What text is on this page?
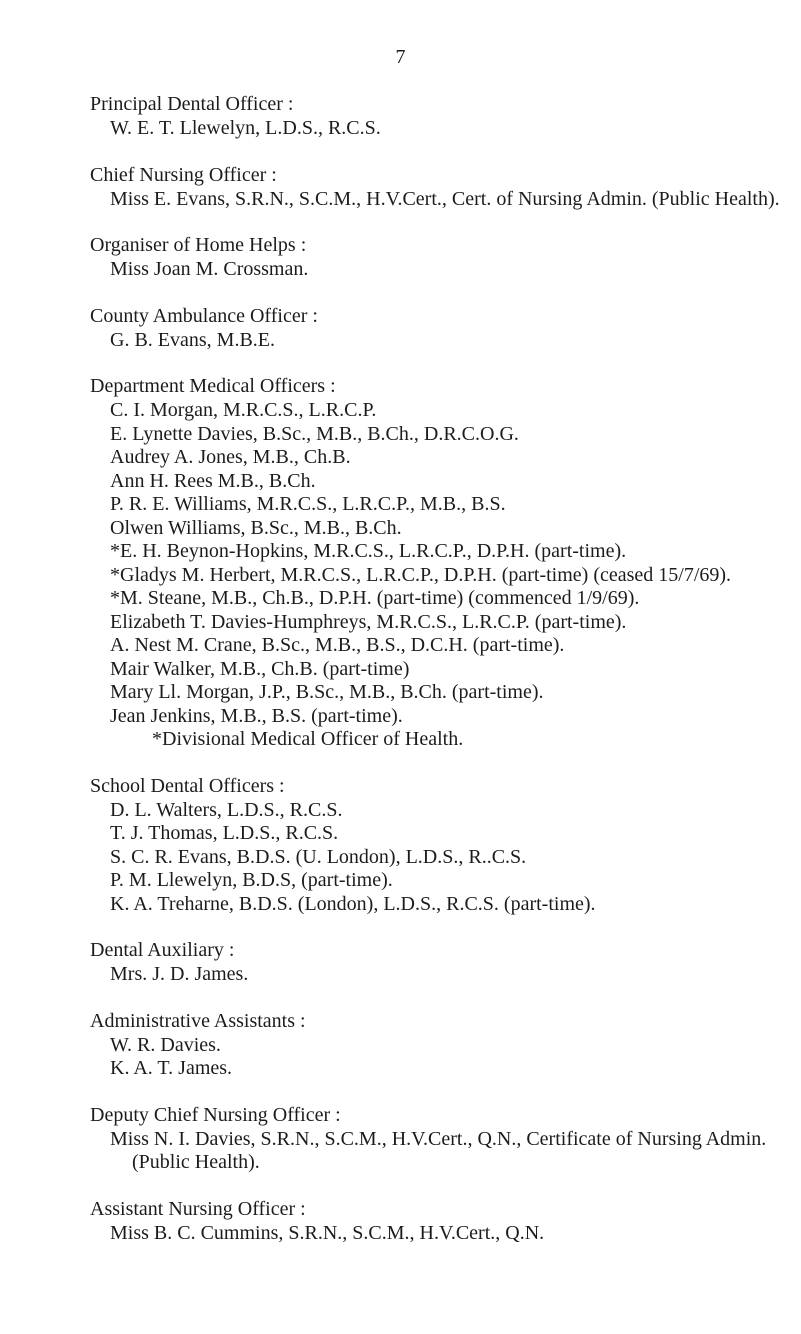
7

Principal Dental Officer :

W. E. T. Llewelyn, L.D.S., R.C.S.

Chief Nursing Officer :

Miss E. Evans, S.R.N., S.C.M., H.V.Cert., Cert. of Nursing Admin. (Public Health).

Organiser of Home Helps :

Miss Joan M. Crossman.

County Ambulance Officer :

G. B. Evans, M.B.E.

Department Medical Officers :

C. I. Morgan, M.R.C.S., L.R.C.P.

E. Lynette Davies, B.Sc., M.B., B.Ch., D.R.C.O.G.

Audrey A. Jones, M.B., Ch.B.

Ann H. Rees M.B., B.Ch.

P. R. E. Williams, M.R.C.S., L.R.C.P., M.B., B.S.

Olwen Williams, B.Sc., M.B., B.Ch.

*E. H. Beynon-Hopkins, M.R.C.S., L.R.C.P., D.P.H. (part-time).

*Gladys M. Herbert, M.R.C.S., L.R.C.P., D.P.H. (part-time) (ceased 15/7/69).

*M. Steane, M.B., Ch.B., D.P.H. (part-time) (commenced 1/9/69).

Elizabeth T. Davies-Humphreys, M.R.C.S., L.R.C.P. (part-time).

A. Nest M. Crane, B.Sc., M.B., B.S., D.C.H. (part-time).

Mair Walker, M.B., Ch.B. (part-time)

Mary Ll. Morgan, J.P., B.Sc., M.B., B.Ch. (part-time).

Jean Jenkins, M.B., B.S. (part-time).

*Divisional Medical Officer of Health.

School Dental Officers :

D. L. Walters, L.D.S., R.C.S.

T. J. Thomas, L.D.S., R.C.S.

S. C. R. Evans, B.D.S. (U. London), L.D.S., R..C.S.

P. M. Llewelyn, B.D.S, (part-time).

K. A. Treharne, B.D.S. (London), L.D.S., R.C.S. (part-time).

Dental Auxiliary :

Mrs. J. D. James.

Administrative Assistants :

W. R. Davies.

K. A. T. James.

Deputy Chief Nursing Officer :

Miss N. I. Davies, S.R.N., S.C.M., H.V.Cert., Q.N., Certificate of Nursing Admin. (Public Health).

Assistant Nursing Officer :

Miss B. C. Cummins, S.R.N., S.C.M., H.V.Cert., Q.N.
